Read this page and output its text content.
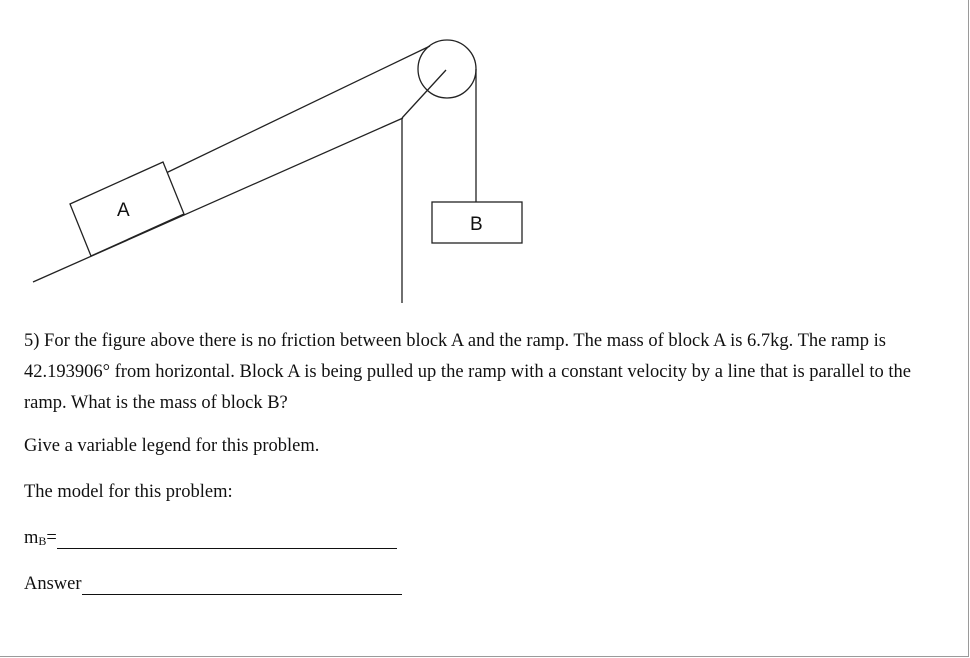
A
B

5) For the figure above there is no friction between block A and the ramp. The mass of block A is 6.7kg. The ramp is 42.193906° from horizontal. Block A is being pulled up the ramp with a constant velocity by a line that is parallel to the ramp. What is the mass of block B?

Give a variable legend for this problem.

The model for this problem:

m B =
Answer
